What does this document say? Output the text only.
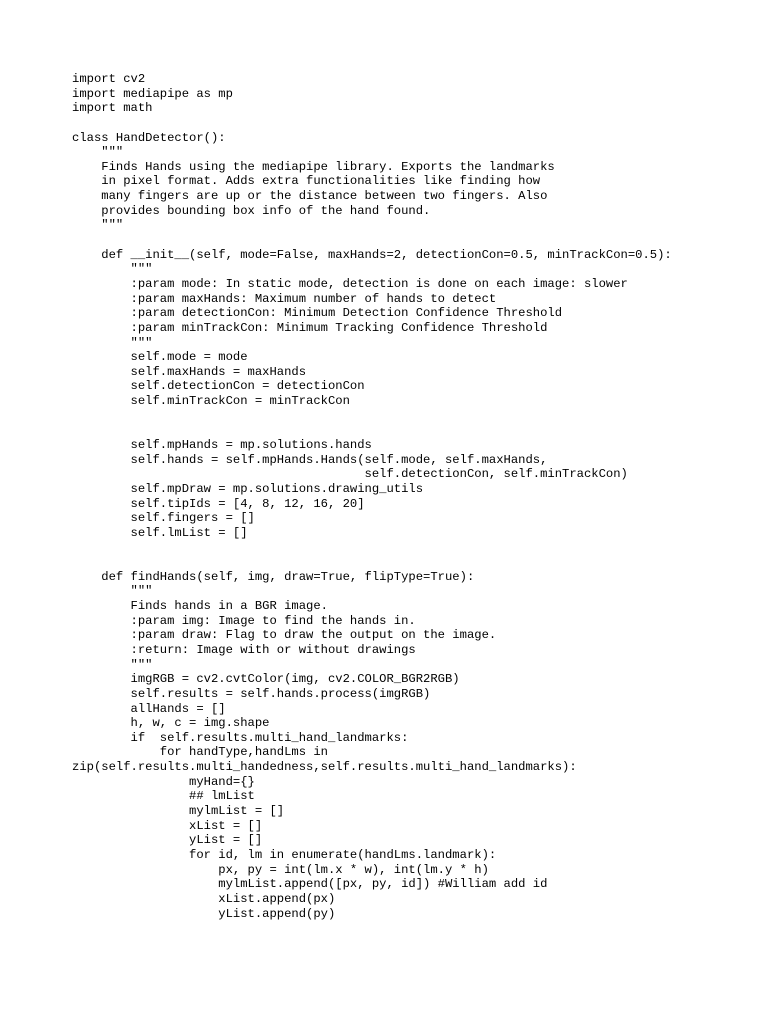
import cv2
import mediapipe as mp
import math
class HandDetector():
"""
Finds Hands using the mediapipe library. Exports the landmarks
in pixel format. Adds extra functionalities like finding how
many fingers are up or the distance between two fingers. Also
provides bounding box info of the hand found.
"""
def __init__(self, mode=False, maxHands=2, detectionCon=0.5, minTrackCon=0.5):
"""
:param mode: In static mode, detection is done on each image: slower
:param maxHands: Maximum number of hands to detect
:param detectionCon: Minimum Detection Confidence Threshold
:param minTrackCon: Minimum Tracking Confidence Threshold
"""
self.mode = mode
self.maxHands = maxHands
self.detectionCon = detectionCon
self.minTrackCon = minTrackCon
self.mpHands = mp.solutions.hands
self.hands = self.mpHands.Hands(self.mode, self.maxHands,
self.detectionCon, self.minTrackCon)
self.mpDraw = mp.solutions.drawing_utils
self.tipIds = [4, 8, 12, 16, 20]
self.fingers = []
self.lmList = []
def findHands(self, img, draw=True, flipType=True):
"""
Finds hands in a BGR image.
:param img: Image to find the hands in.
:param draw: Flag to draw the output on the image.
:return: Image with or without drawings
"""
imgRGB = cv2.cvtColor(img, cv2.COLOR_BGR2RGB)
self.results = self.hands.process(imgRGB)
allHands = []
h, w, c = img.shape
if  self.results.multi_hand_landmarks:
for handType,handLms in
zip(self.results.multi_handedness,self.results.multi_hand_landmarks):
myHand={}
## lmList
mylmList = []
xList = []
yList = []
for id, lm in enumerate(handLms.landmark):
px, py = int(lm.x * w), int(lm.y * h)
mylmList.append([px, py, id]) #William add id
xList.append(px)
yList.append(py)
